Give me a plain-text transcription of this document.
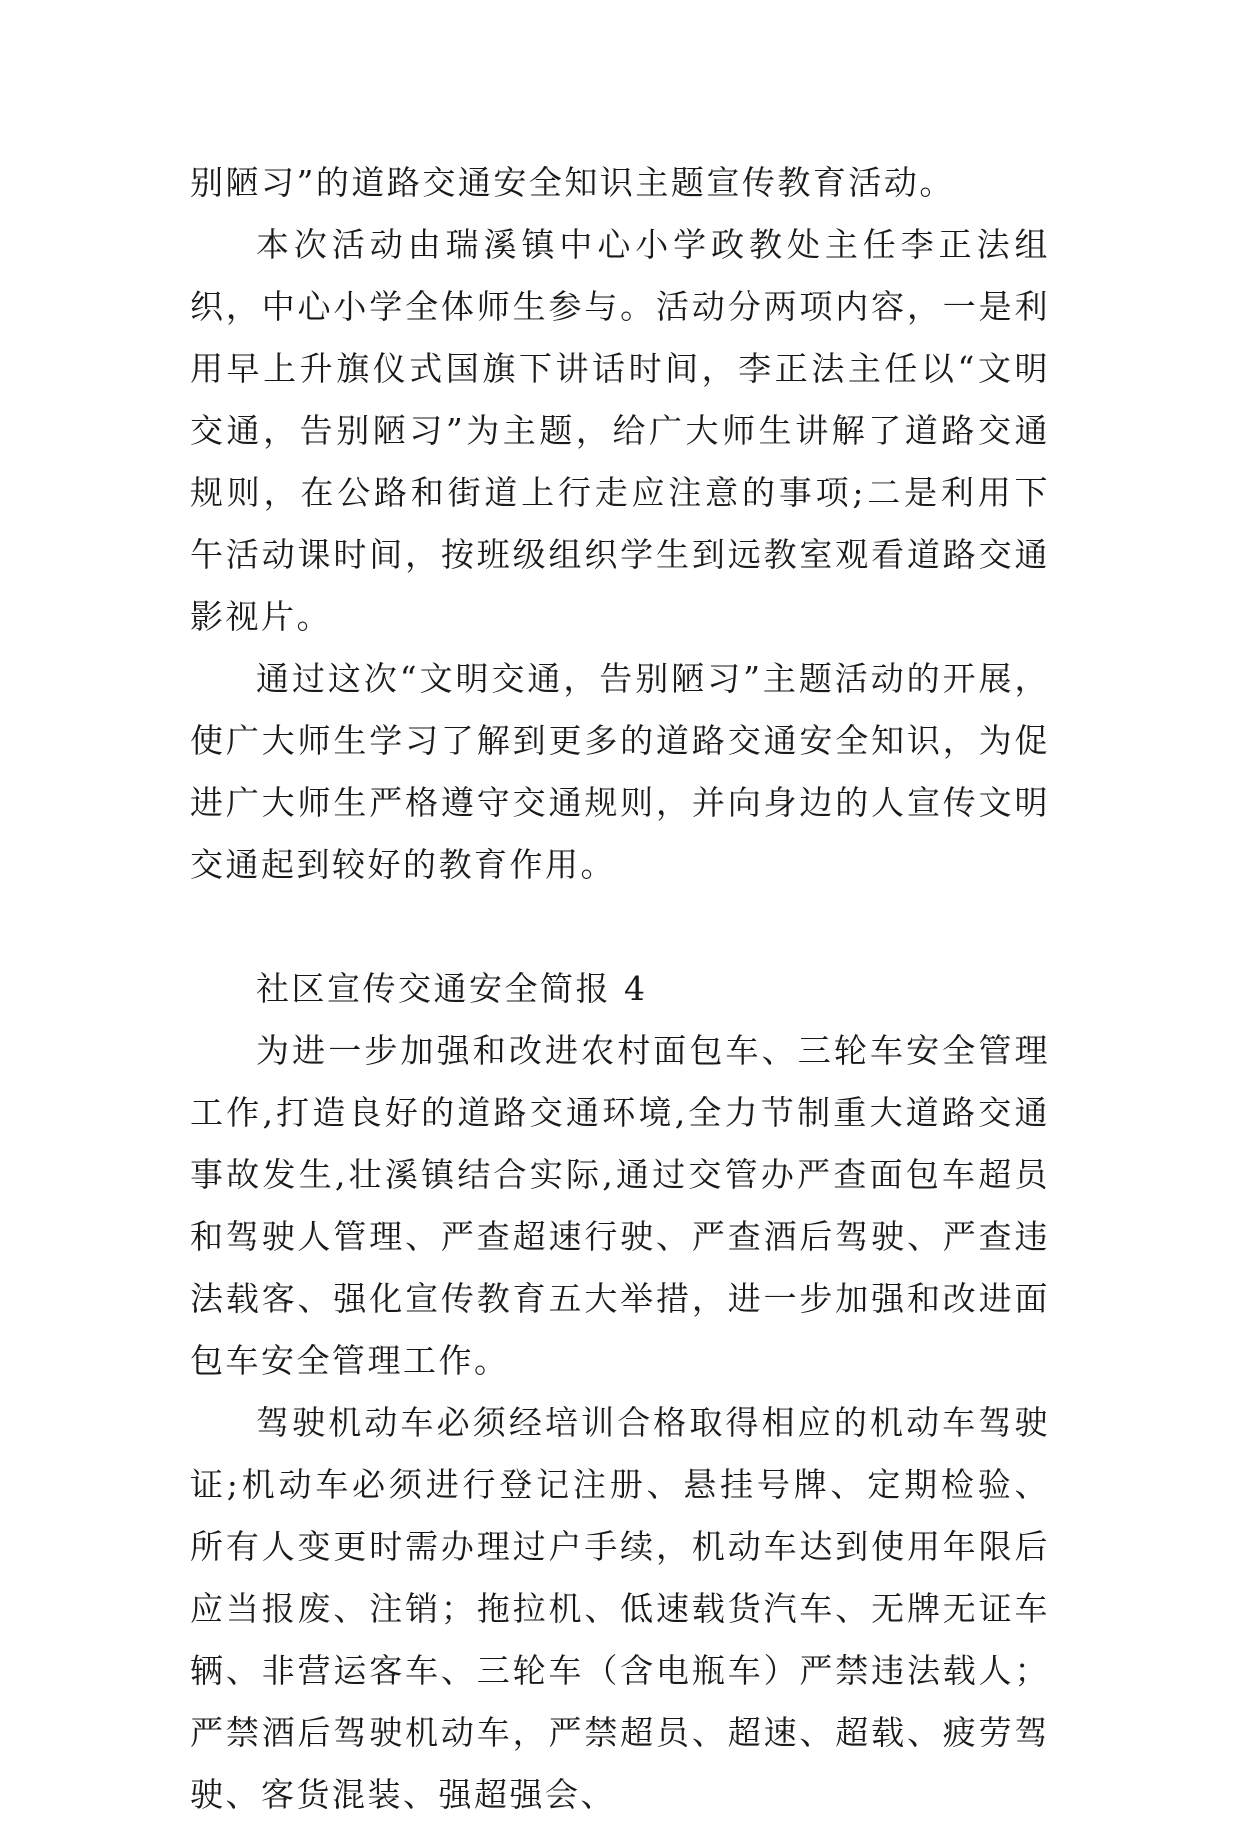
别陋习”的道路交通安全知识主题宣传教育活动。

本次活动由瑞溪镇中心小学政教处主任李正法组织，中心小学全体师生参与。活动分两项内容，一是利用早上升旗仪式国旗下讲话时间，李正法主任以“文明交通，告别陋习”为主题，给广大师生讲解了道路交通规则，在公路和街道上行走应注意的事项;二是利用下午活动课时间，按班级组织学生到远教室观看道路交通影视片。

通过这次“文明交通，告别陋习”主题活动的开展，使广大师生学习了解到更多的道路交通安全知识，为促进广大师生严格遵守交通规则，并向身边的人宣传文明交通起到较好的教育作用。

社区宣传交通安全简报 4

为进一步加强和改进农村面包车、三轮车安全管理工作,打造良好的道路交通环境,全力节制重大道路交通事故发生,壮溪镇结合实际,通过交管办严查面包车超员和驾驶人管理、严查超速行驶、严查酒后驾驶、严查违法载客、强化宣传教育五大举措，进一步加强和改进面包车安全管理工作。

驾驶机动车必须经培训合格取得相应的机动车驾驶证;机动车必须进行登记注册、悬挂号牌、定期检验、所有人变更时需办理过户手续，机动车达到使用年限后应当报废、注销；拖拉机、低速载货汽车、无牌无证车辆、非营运客车、三轮车（含电瓶车）严禁违法载人；严禁酒后驾驶机动车，严禁超员、超速、超载、疲劳驾驶、客货混装、强超强会、
